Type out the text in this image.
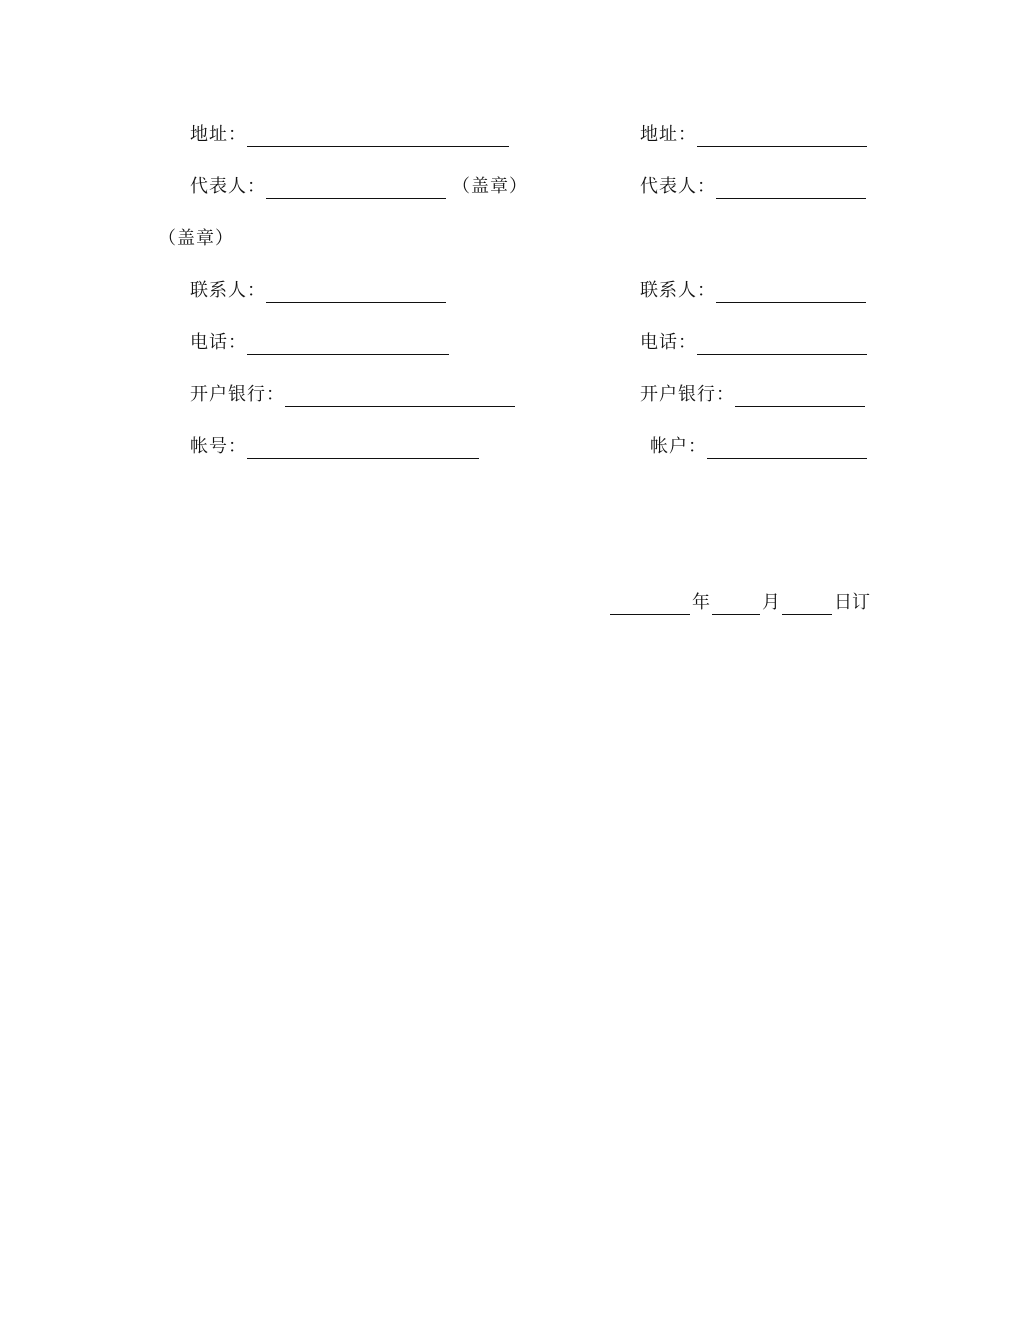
地址：	地址：
代表人：	（盖章）	代表人：
（盖章）
联系人：	联系人：
电话：	电话：
开户银行：	开户银行：
帐号：	帐户：
年	月	日订
